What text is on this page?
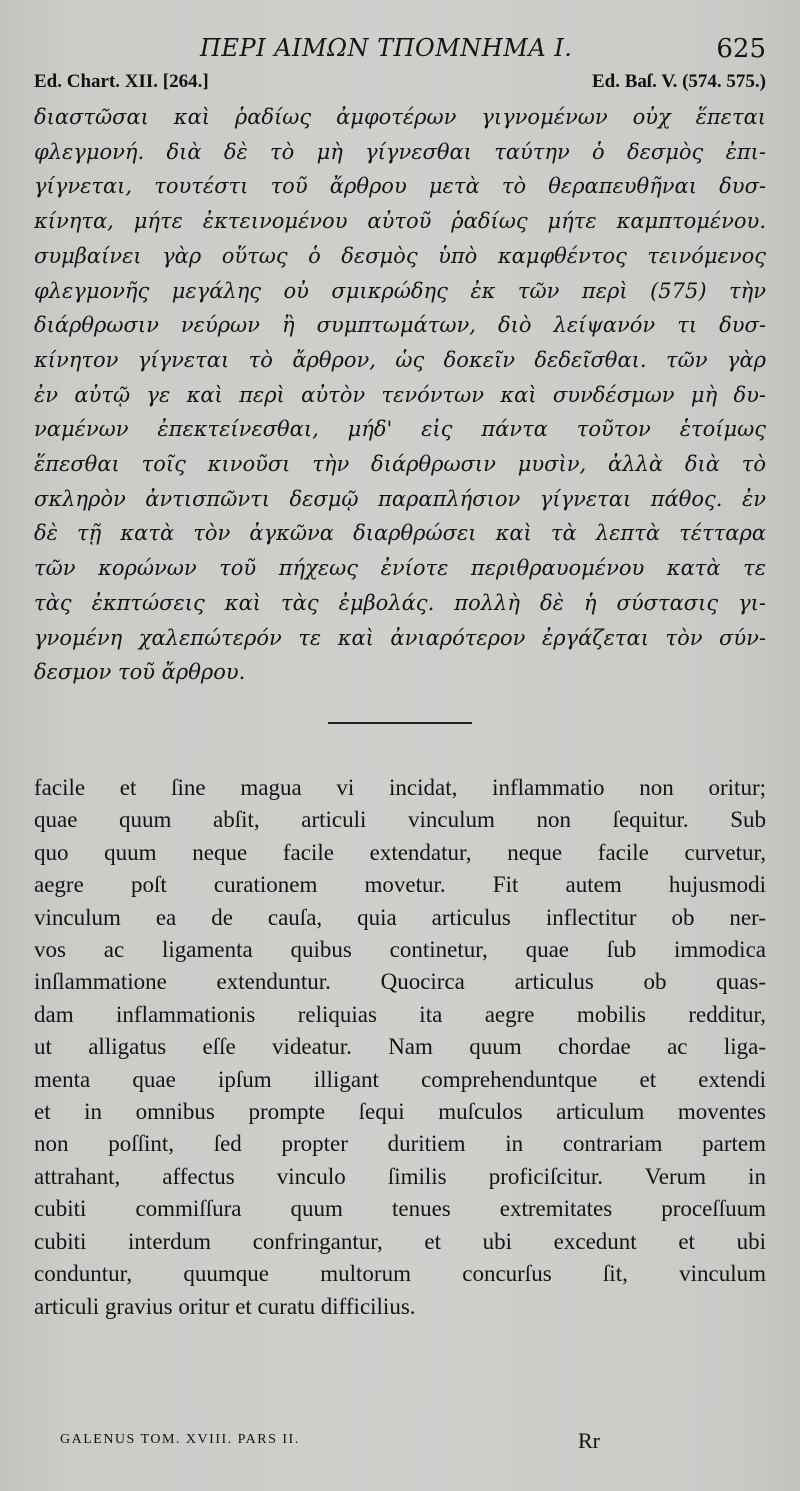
ΠΕΡΙ ΑΙΜΩΝ ΤΠΟΜΝΗΜΑ Ι.	625
Ed. Chart. XII. [264.]	Ed. Baſ. V. (574. 575.)
διαστῶσαι καὶ ῥαδίως ἀμφοτέρων γιγνομένων οὐχ ἕπεται
φλεγμονή. διὰ δὲ τὸ μὴ γίγνεσθαι ταύτην ὁ δεσμὸς ἐπι-
γίγνεται, τουτέστι τοῦ ἄρθρου μετὰ τὸ θεραπευθῆναι δυσ-
κίνητα, μήτε ἐκτεινομένου αὐτοῦ ῥαδίως μήτε καμπτομένου.
συμβαίνει γὰρ οὕτως ὁ δεσμὸς ὑπὸ καμφθέντος τεινόμενος
φλεγμονῆς μεγάλης οὐ σμικρώδης ἐκ τῶν περὶ (575) τὴν
διάρθρωσιν νεύρων ἢ συμπτωμάτων, διὸ λείψανόν τι δυσ-
κίνητον γίγνεται τὸ ἄρθρον, ὡς δοκεῖν δεδεῖσθαι. τῶν γὰρ
ἐν αὐτῷ γε καὶ περὶ αὐτὸν τενόντων καὶ συνδέσμων μὴ δυ-
ναμένων ἐπεκτείνεσθαι, μήδ' εἰς πάντα τοῦτον ἑτοίμως
ἕπεσθαι τοῖς κινοῦσι τὴν διάρθρωσιν μυσὶν, ἀλλὰ διὰ τὸ
σκληρὸν ἀντισπῶντι δεσμῷ παραπλήσιον γίγνεται πάθος. ἐν
δὲ τῇ κατὰ τὸν ἀγκῶνα διαρθρώσει καὶ τὰ λεπτὰ τέτταρα
τῶν κορώνων τοῦ πήχεως ἐνίοτε περιθραυομένου κατὰ τε
τὰς ἐκπτώσεις καὶ τὰς ἐμβολάς. πολλὴ δὲ ἡ σύστασις γι-
γνομένη χαλεπώτερόν τε καὶ ἀνιαρότερον ἐργάζεται τὸν σύν-
δεσμον τοῦ ἄρθρου.
facile et ſine magua vi incidat, inflammatio non oritur;
quae quum abſit, articuli vinculum non ſequitur. Sub
quo quum neque facile extendatur, neque facile curvetur,
aegre poſt curationem movetur. Fit autem hujusmodi
vinculum ea de cauſa, quia articulus inflectitur ob ner-
vos ac ligamenta quibus continetur, quae ſub immodica
inſlammatione extenduntur. Quocirca articulus ob quas-
dam inflammationis reliquias ita aegre mobilis redditur,
ut alligatus eſſe videatur. Nam quum chordae ac liga-
menta quae ipſum illigant comprehenduntque et extendi
et in omnibus prompte ſequi muſculos articulum moventes
non poſſint, ſed propter duritiem in contrariam partem
attrahant, affectus vinculo ſimilis proficiſcitur. Verum in
cubiti commiſſura quum tenues extremitates proceſſuum
cubiti interdum confringantur, et ubi excedunt et ubi
conduntur, quumque multorum concurſus ſit, vinculum
articuli gravius oritur et curatu difficilius.
GALENUS TOM. XVIII. PARS II.	Rr
